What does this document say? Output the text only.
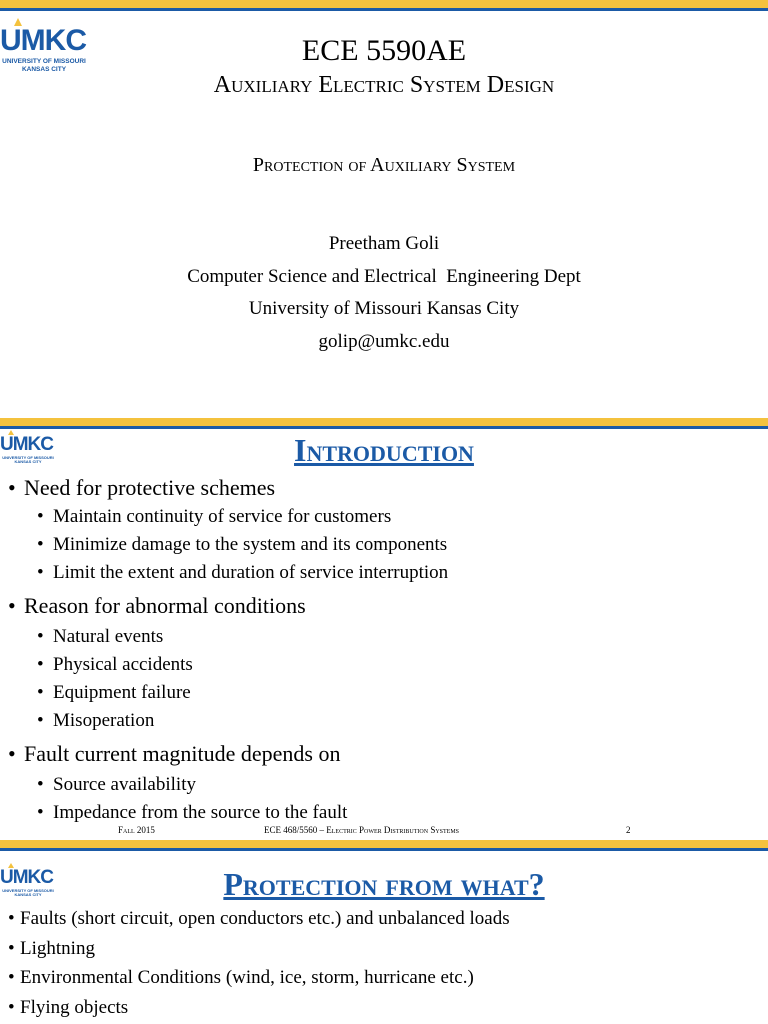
UMKC
UNIVERSITY OF MISSOURI
KANSAS CITY
ECE 5590AE
Auxiliary Electric System Design
Protection of Auxiliary System
Preetham Goli
Computer Science and Electrical  Engineering Dept
University of Missouri Kansas City
golip@umkc.edu
UMKC
UNIVERSITY OF MISSOURI
KANSAS CITY	Introduction
• Need for protective schemes
• Maintain continuity of service for customers
• Minimize damage to the system and its components
• Limit the extent and duration of service interruption
• Reason for abnormal conditions
• Natural events
• Physical accidents
• Equipment failure
• Misoperation
• Fault current magnitude depends on
• Source availability
• Impedance from the source to the fault
Fall 2015	ECE 468/5560 – Electric Power Distribution Systems	2
UMKC
UNIVERSITY OF MISSOURI
KANSAS CITY	Protection from what?
• Faults (short circuit, open conductors etc.) and unbalanced loads
• Lightning
• Environmental Conditions (wind, ice, storm, hurricane etc.)
• Flying objects
